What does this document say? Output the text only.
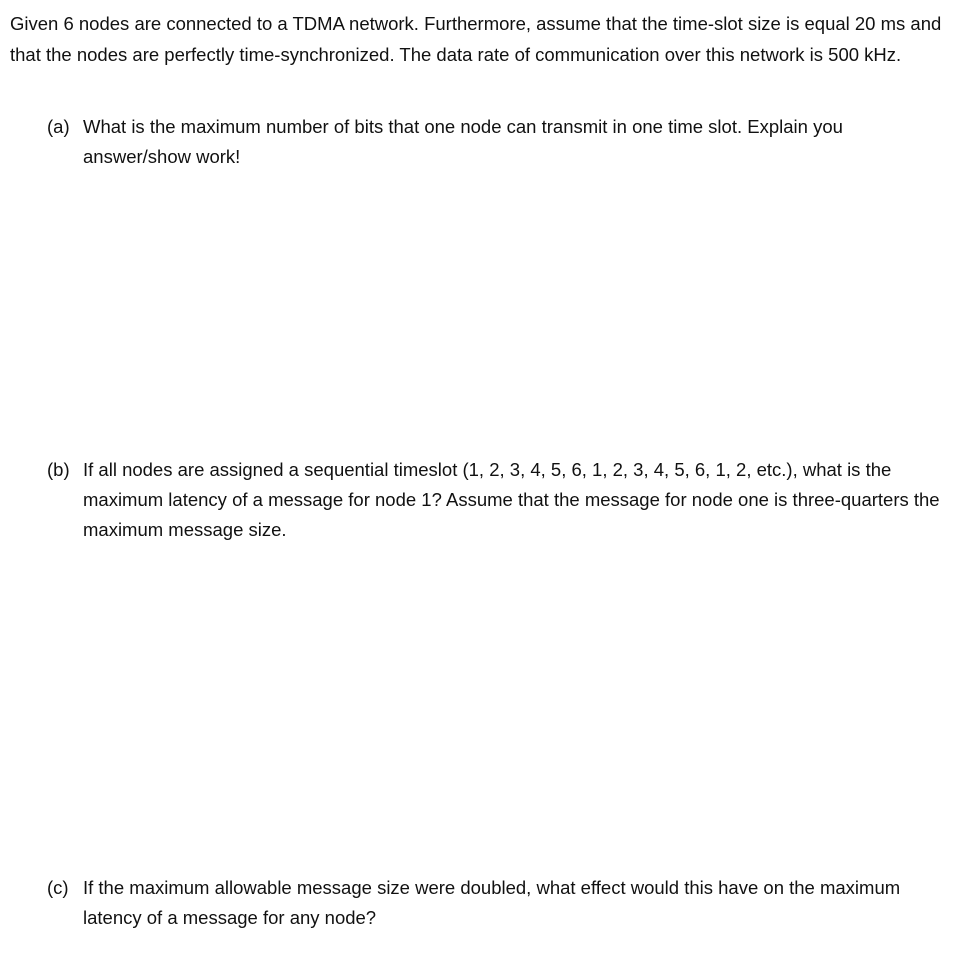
Given 6 nodes are connected to a TDMA network. Furthermore, assume that the time-slot size is equal 20 ms and that the nodes are perfectly time-synchronized. The data rate of communication over this network is 500 kHz.

(a) What is the maximum number of bits that one node can transmit in one time slot. Explain you answer/show work!
(b) If all nodes are assigned a sequential timeslot (1, 2, 3, 4, 5, 6, 1, 2, 3, 4, 5, 6, 1, 2, etc.), what is the maximum latency of a message for node 1? Assume that the message for node one is three-quarters the maximum message size.
(c) If the maximum allowable message size were doubled, what effect would this have on the maximum latency of a message for any node?
